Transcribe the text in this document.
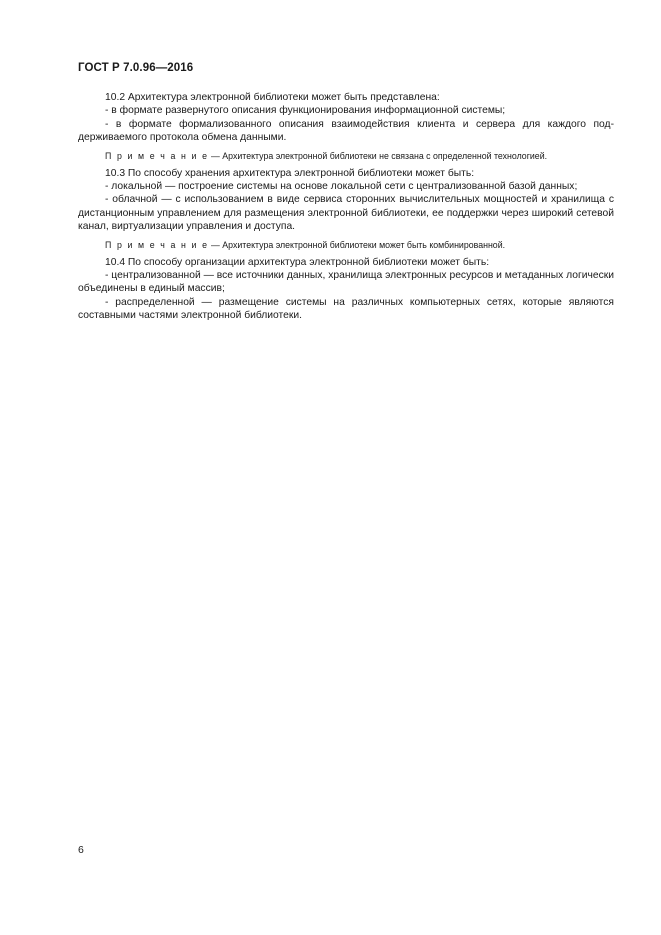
ГОСТ Р 7.0.96—2016

10.2 Архитектура электронной библиотеки может быть представлена:

- в формате развернутого описания функционирования информационной системы;

- в формате формализованного описания взаимодействия клиента и сервера для каждого поддерживаемого протокола обмена данными.

П р и м е ч а н и е — Архитектура электронной библиотеки не связана с определенной технологией.

10.3 По способу хранения архитектура электронной библиотеки может быть:

- локальной — построение системы на основе локальной сети с централизованной базой данных;

- облачной — с использованием в виде сервиса сторонних вычислительных мощностей и хранилища с дистанционным управлением для размещения электронной библиотеки, ее поддержки через широкий сетевой канал, виртуализации управления и доступа.

П р и м е ч а н и е — Архитектура электронной библиотеки может быть комбинированной.

10.4 По способу организации архитектура электронной библиотеки может быть:

- централизованной — все источники данных, хранилища электронных ресурсов и метаданных логически объединены в единый массив;

- распределенной — размещение системы на различных компьютерных сетях, которые являются составными частями электронной библиотеки.

6
